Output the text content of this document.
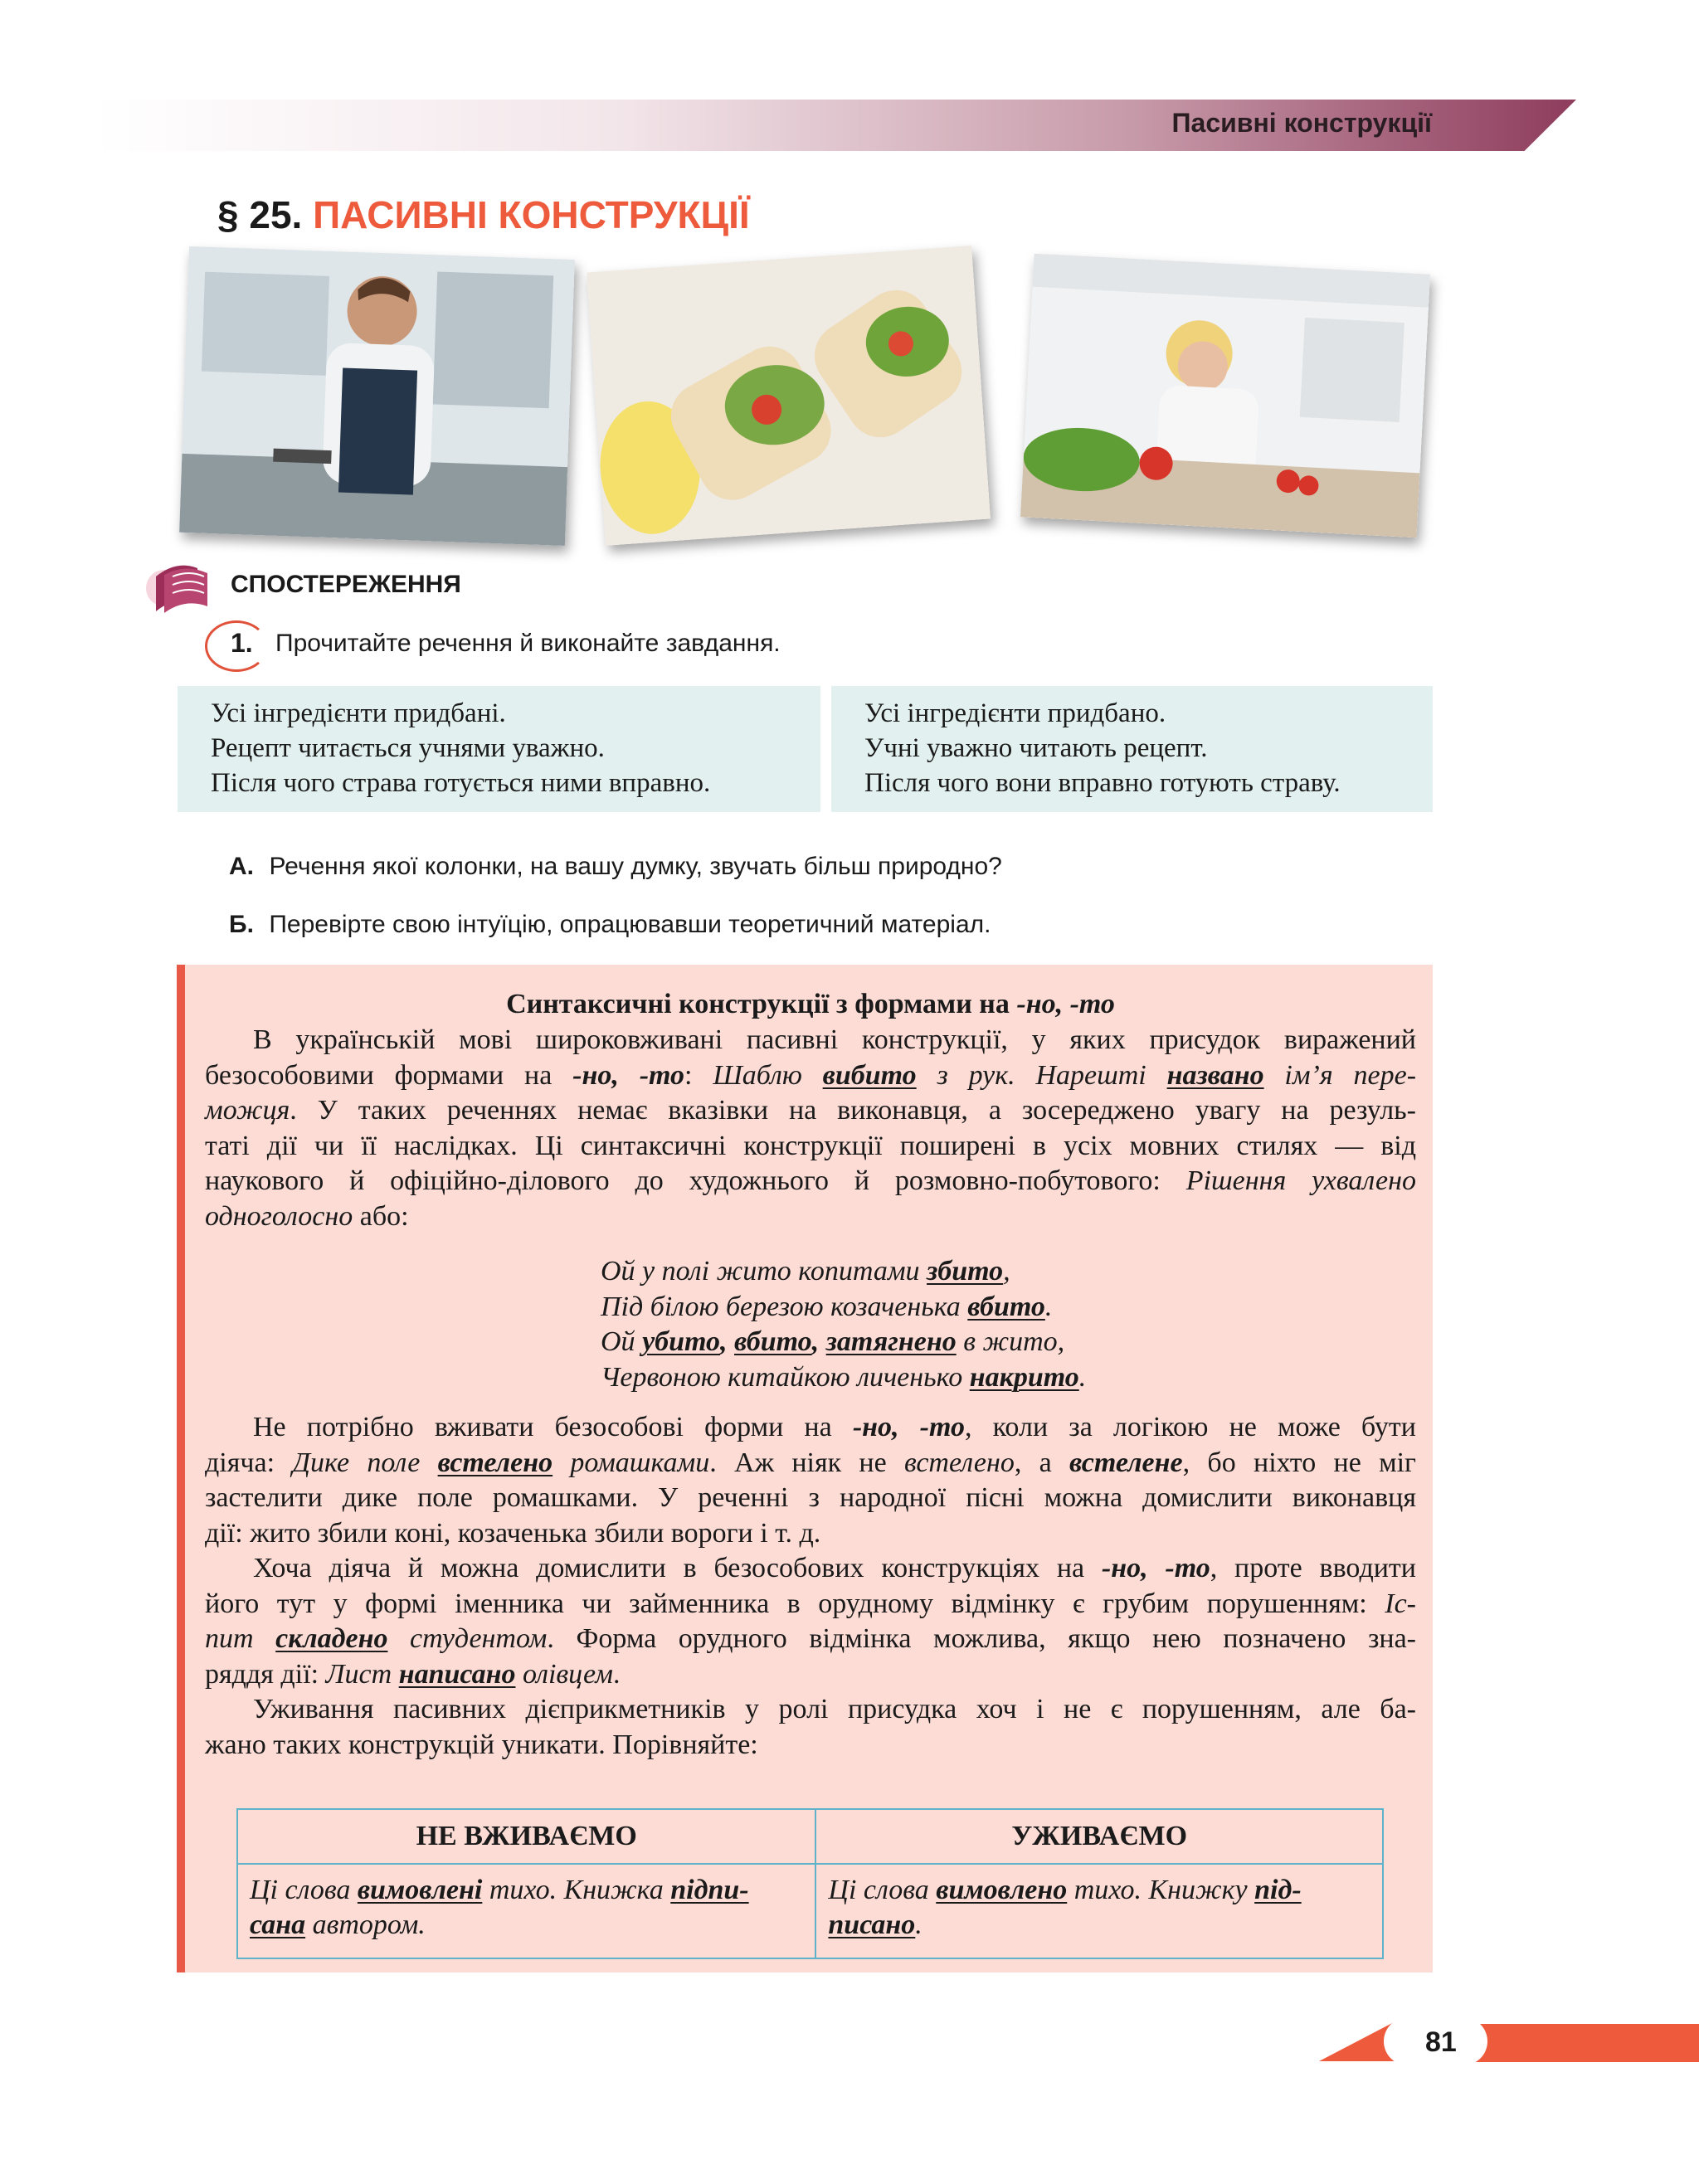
Пасивні конструкції
§ 25. ПАСИВНІ КОНСТРУКЦІЇ
СПОСТЕРЕЖЕННЯ
1. Прочитайте речення й виконайте завдання.
Усі інгредієнти придбані.
Рецепт читається учнями уважно.
Після чого страва готується ними вправно.
Усі інгредієнти придбано.
Учні уважно читають рецепт.
Після чого вони вправно готують страву.
А. Речення якої колонки, на вашу думку, звучать більш природно?
Б. Перевірте свою інтуїцію, опрацювавши теоретичний матеріал.
Синтаксичні конструкції з формами на -но, -то
В українській мові широковживані пасивні конструкції, у яких присудок виражений
безособовими формами на -но, -то: Шаблю вибито з рук. Нарешті названо ім’я пере-
можця. У таких реченнях немає вказівки на виконавця, а зосереджено увагу на резуль-
таті дії чи її наслідках. Ці синтаксичні конструкції поширені в усіх мовних стилях — від
наукового й офіційно-ділового до художнього й розмовно-побутового: Рішення ухвалено
одноголосно або:
Ой у полі жито копитами збито,
Під білою березою козаченька вбито.
Ой убито, вбито, затягнено в жито,
Червоною китайкою личенько накрито.
Не потрібно вживати безособові форми на -но, -то, коли за логікою не може бути
діяча: Дике поле встелено ромашками. Аж ніяк не встелено, а встелене, бо ніхто не міг
застелити дике поле ромашками. У реченні з народної пісні можна домислити виконавця
дії: жито збили коні, козаченька збили вороги і т. д.
Хоча діяча й можна домислити в безособових конструкціях на -но, -то, проте вводити
його тут у формі іменника чи займенника в орудному відмінку є грубим порушенням: Іс-
пит складено студентом. Форма орудного відмінка можлива, якщо нею позначено зна-
ряддя дії: Лист написано олівцем.
Уживання пасивних дієприкметників у ролі присудка хоч і не є порушенням, але ба-
жано таких конструкцій уникати. Порівняйте:
НЕ ВЖИВАЄМО	УЖИВАЄМО
Ці слова вимовлені тихо. Книжка підпи-
сана автором.	Ці слова вимовлено тихо. Книжку під-
писано.
81
